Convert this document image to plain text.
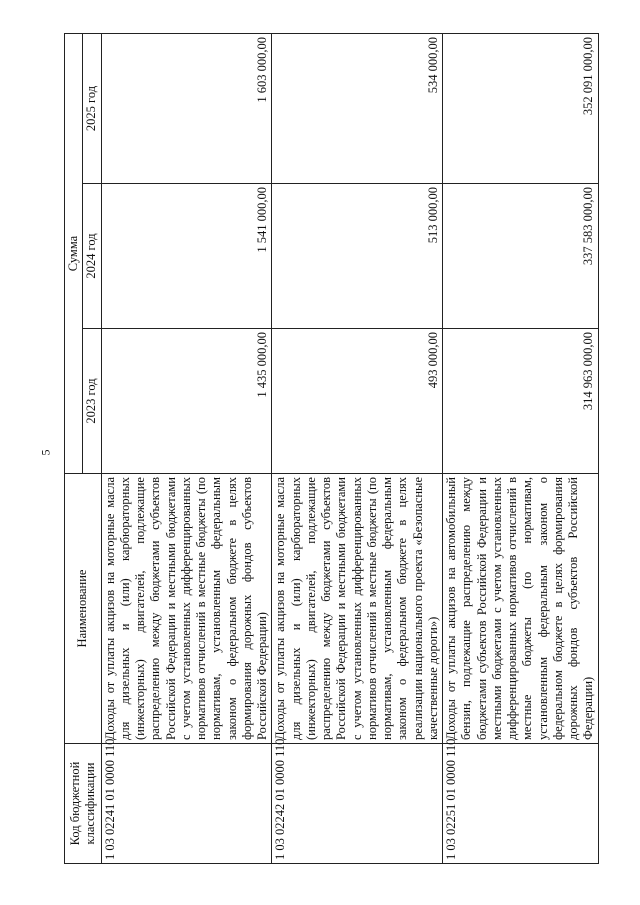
5
Код бюджетной классификации	Наименование	Сумма		
		2023 год	2024 год	2025 год
1 03 02241 01 0000 110	Доходы от уплаты акцизов на моторные масла для дизельных и (или) карбюраторных (инжекторных) двигателей, подлежащие распределению между бюджетами субъектов Российской Федерации и местными бюджетами с учетом установленных дифференцированных нормативов отчислений в местные бюджеты (по нормативам, установленным федеральным законом о федеральном бюджете в целях формирования дорожных фондов субъектов Российской Федерации)	1 435 000,00	1 541 000,00	1 603 000,00
1 03 02242 01 0000 110	Доходы от уплаты акцизов на моторные масла для дизельных и (или) карбюраторных (инжекторных) двигателей, подлежащие распределению между бюджетами субъектов Российской Федерации и местными бюджетами с учетом установленных дифференцированных нормативов отчислений в местные бюджеты (по нормативам, установленным федеральным законом о федеральном бюджете в целях реализации национального проекта «Безопасные качественные дороги»)	493 000,00	513 000,00	534 000,00
1 03 02251 01 0000 110	Доходы от уплаты акцизов на автомобильный бензин, подлежащие распределению между бюджетами субъектов Российской Федерации и местными бюджетами с учетом установленных дифференцированных нормативов отчислений в местные бюджеты (по нормативам, установленным федеральным законом о федеральном бюджете в целях формирования дорожных фондов субъектов Российской Федерации)	314 963 000,00	337 583 000,00	352 091 000,00
